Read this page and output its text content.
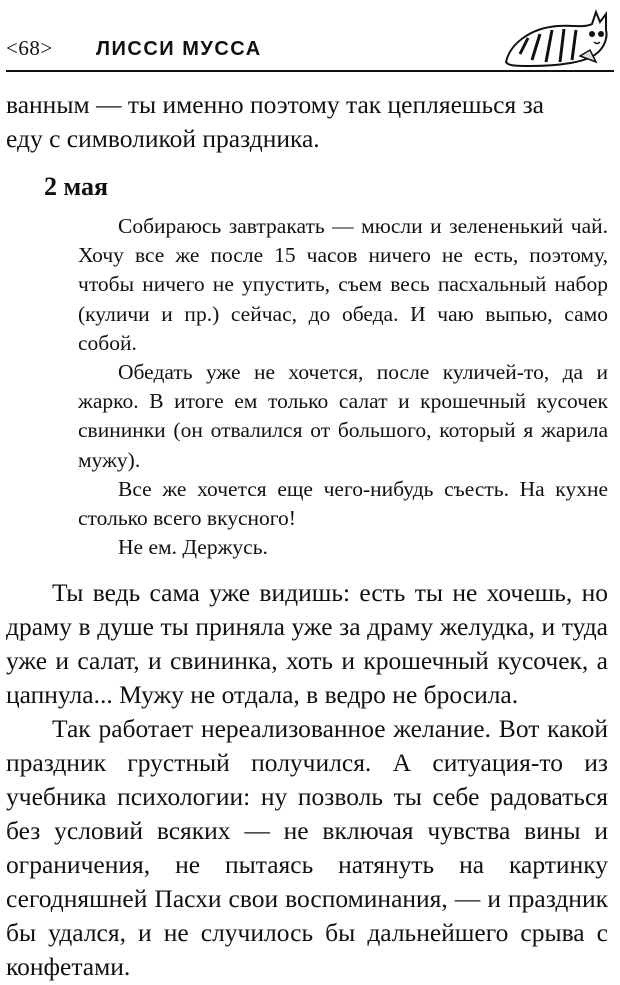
<68> ЛИССИ МУССА

ванным — ты именно поэтому так цепляешься за

еду с символикой праздника.

2 мая

Собираюсь завтракать — мюсли и зелененький чай. Хочу все же после 15 часов ничего не есть, поэтому, чтобы ничего не упустить, съем весь пасхальный набор (куличи и пр.) сейчас, до обеда. И чаю выпью, само собой.

Обедать уже не хочется, после куличей-то, да и жарко. В итоге ем только салат и крошечный кусочек свининки (он отвалился от большого, который я жарила мужу).

Все же хочется еще чего-нибудь съесть. На кухне столько всего вкусного!

Не ем. Держусь.

Ты ведь сама уже видишь: есть ты не хочешь, но драму в душе ты приняла уже за драму желудка, и туда уже и салат, и свининка, хоть и крошечный кусочек, а цапнула... Мужу не отдала, в ведро не бросила.

Так работает нереализованное желание. Вот какой праздник грустный получился. А ситуация-то из учебника психологии: ну позволь ты себе радоваться без условий всяких — не включая чувства вины и ограничения, не пытаясь натянуть на картинку сегодняшней Пасхи свои воспоминания, — и праздник бы удался, и не случилось бы дальнейшего срыва с конфетами.
